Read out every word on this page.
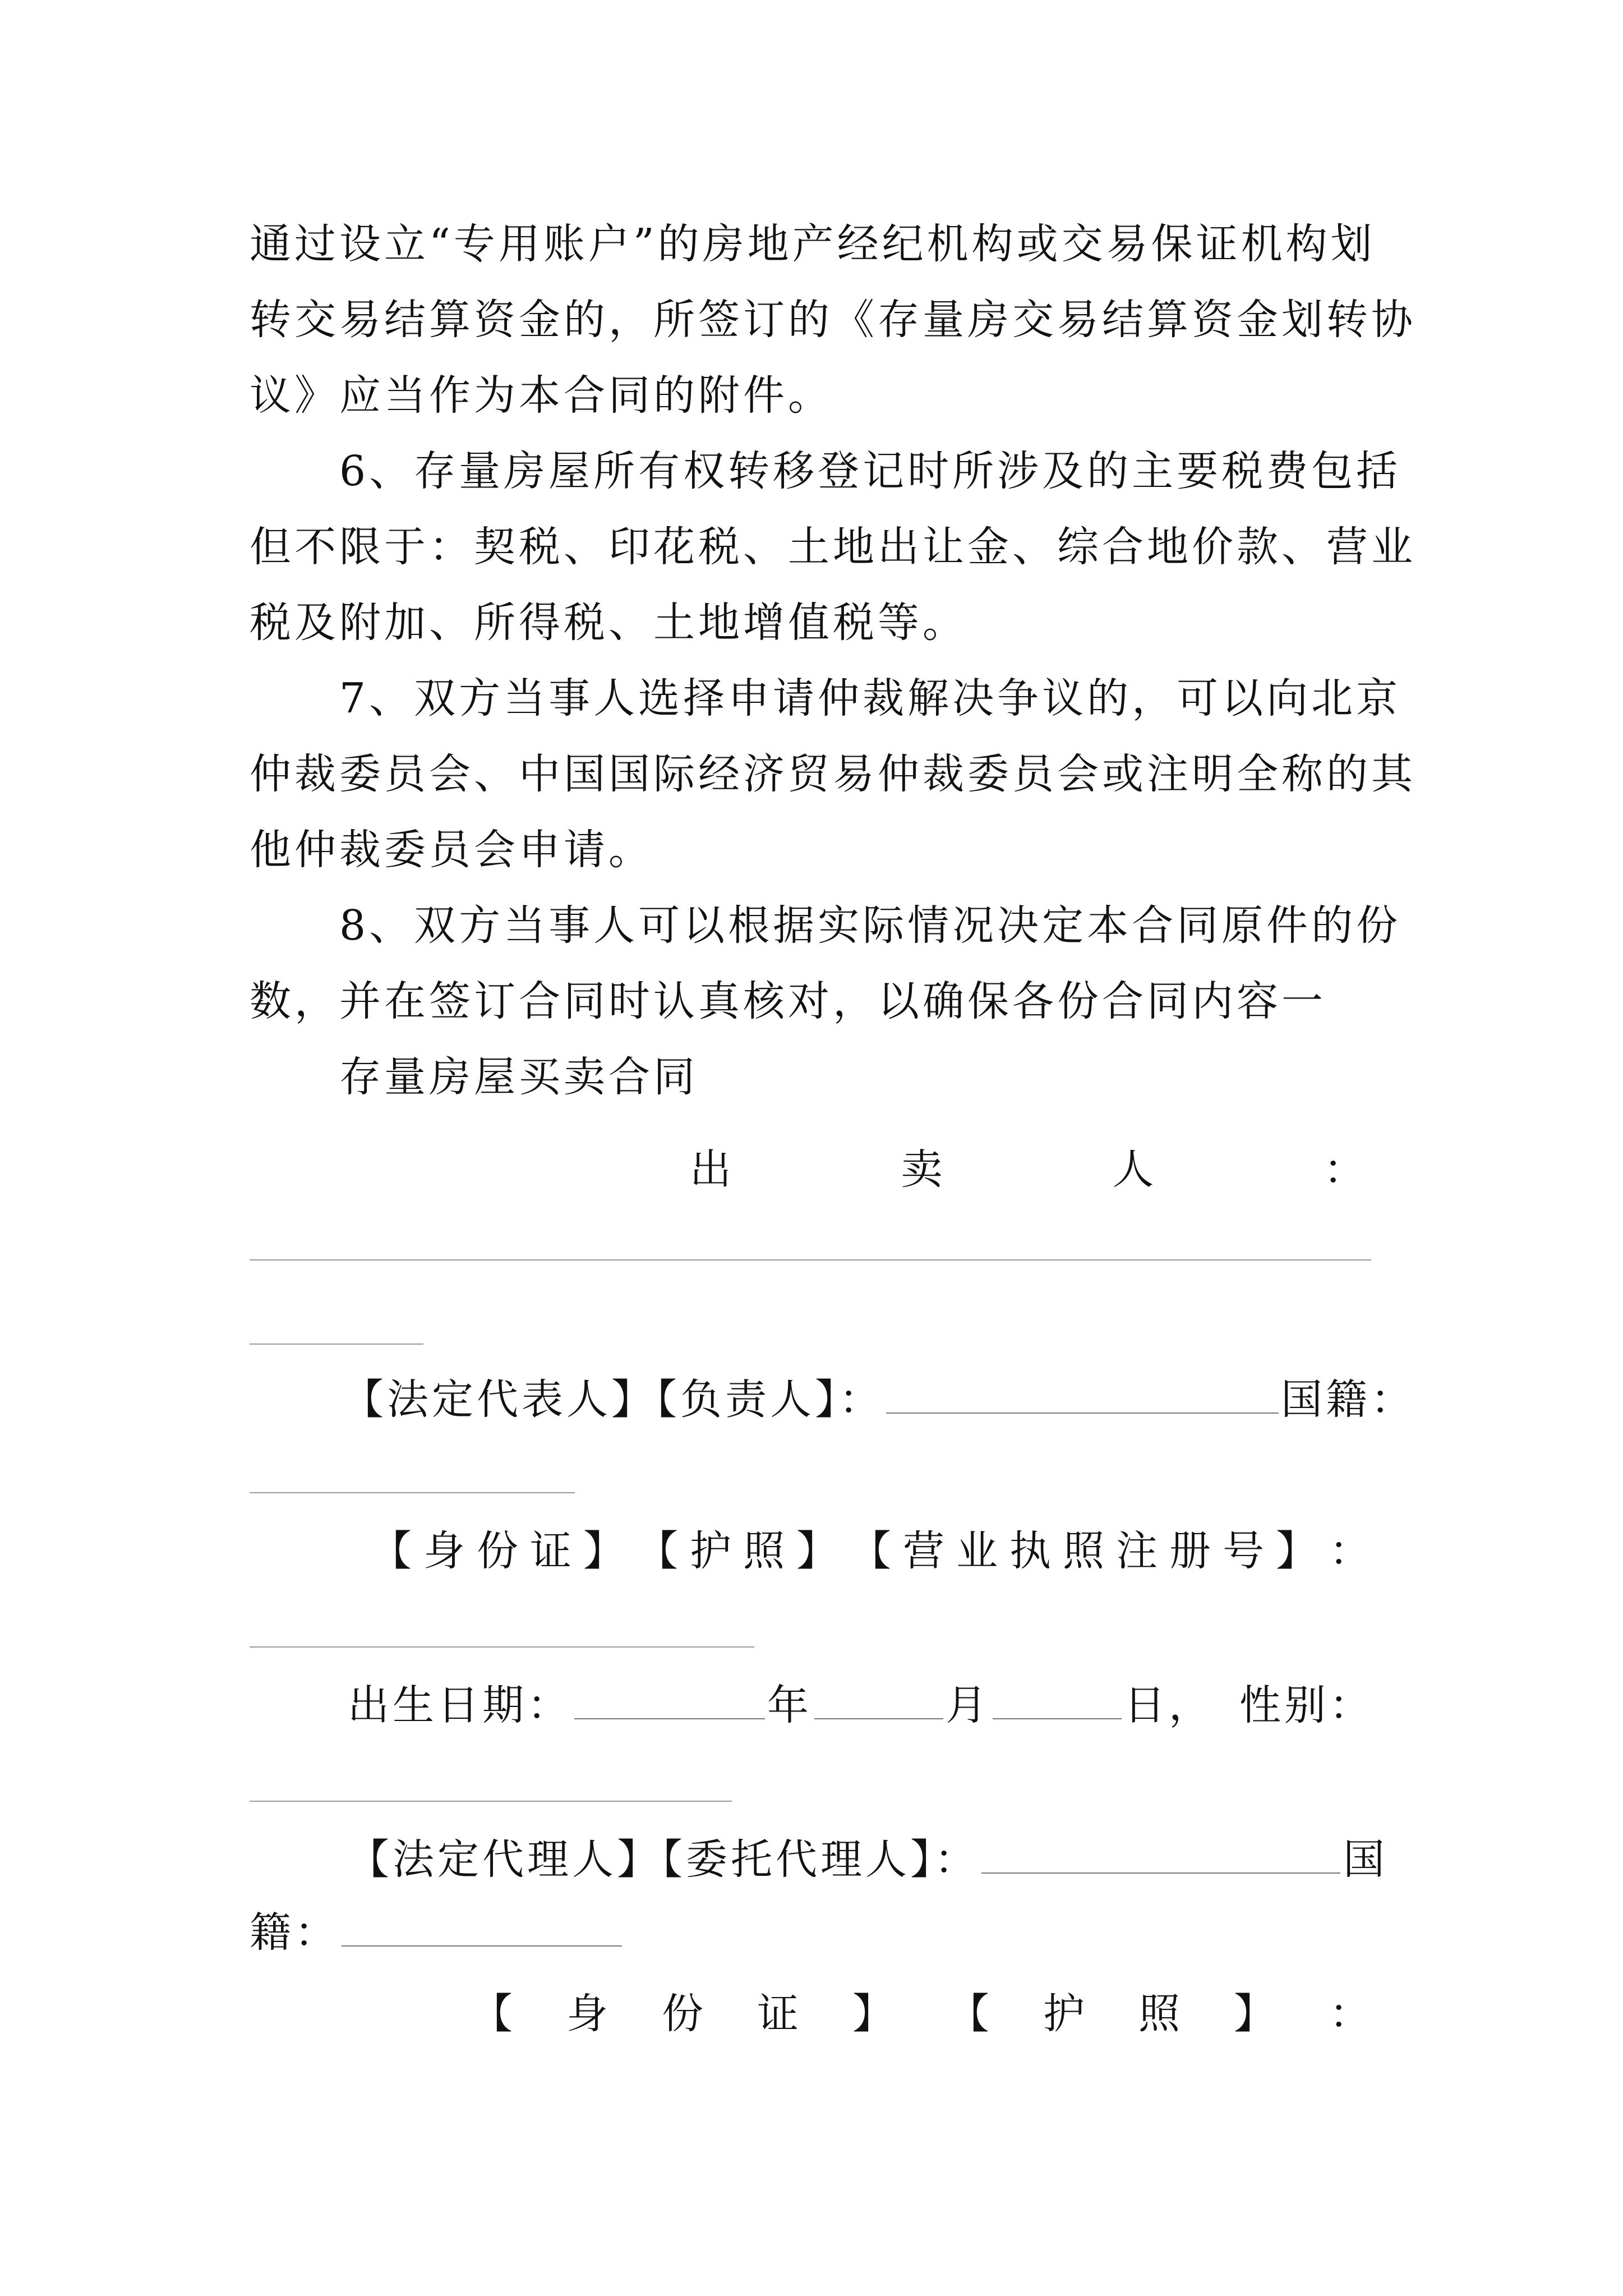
通过设立“专用账户”的房地产经纪机构或交易保证机构划
转交易结算资金的，所签订的《存量房交易结算资金划转协
议》应当作为本合同的附件。
6、存量房屋所有权转移登记时所涉及的主要税费包括
但不限于：契税、印花税、土地出让金、综合地价款、营业
税及附加、所得税、土地增值税等。
7、双方当事人选择申请仲裁解决争议的，可以向北京
仲裁委员会、中国国际经济贸易仲裁委员会或注明全称的其
他仲裁委员会申请。
8、双方当事人可以根据实际情况决定本合同原件的份
数，并在签订合同时认真核对，以确保各份合同内容一
存量房屋买卖合同
出	卖	人	：
【法定代表人】【负责人】：	国籍：
【 身 份 证 】 【 护 照 】 【 营 业 执 照 注 册 号 】 ：
出生日期：	年	月	日， 性别：
【法定代理人】【委托代理人】：	国
籍：
【 身 份 证 】 【 护 照 】 ：
